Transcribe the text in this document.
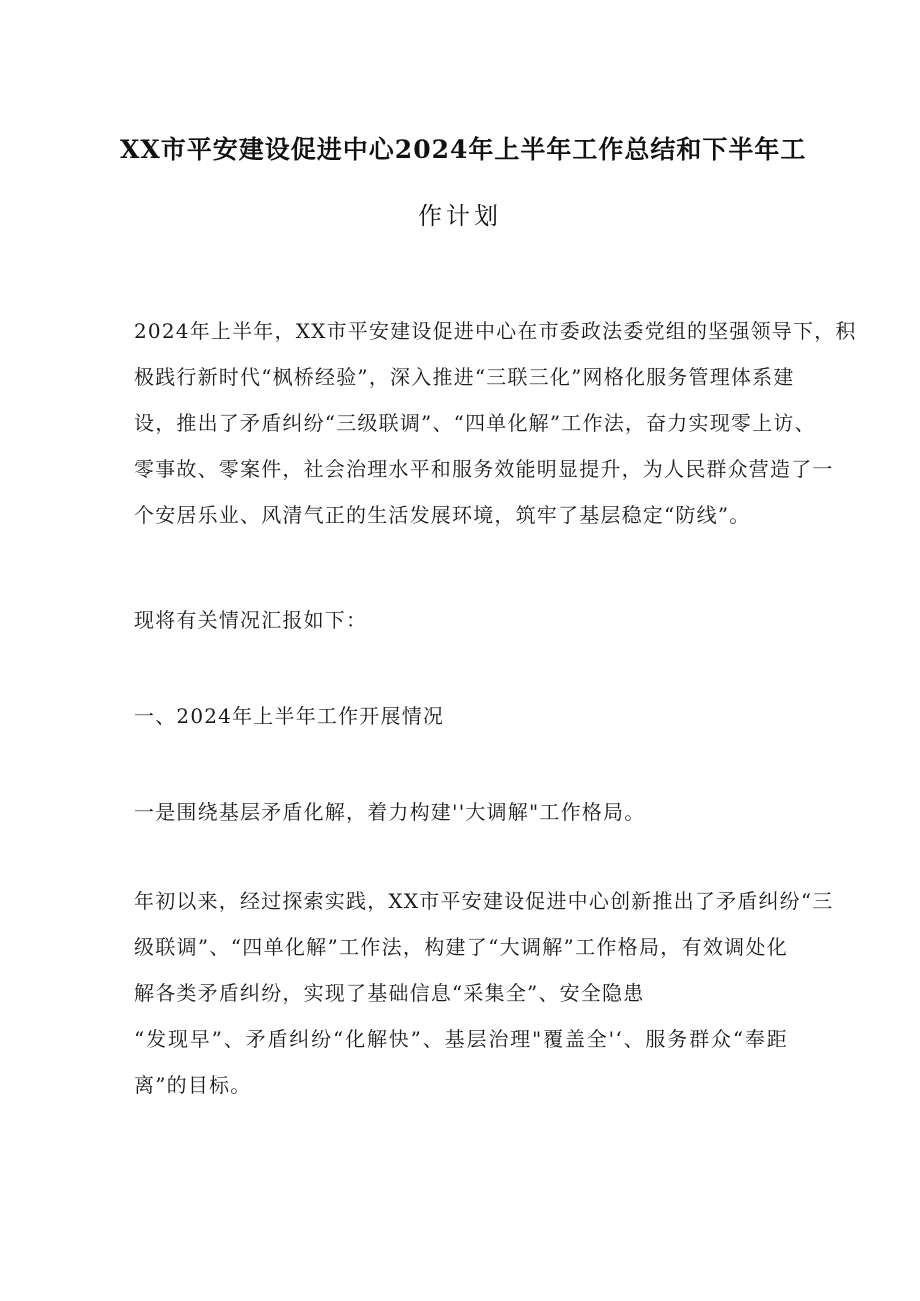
XX市平安建设促进中心2024年上半年工作总结和下半年工
作计划
2024年上半年，XX市平安建设促进中心在市委政法委党组的坚强领导下，积
极践行新时代“枫桥经验”，深入推进“三联三化”网格化服务管理体系建
设，推出了矛盾纠纷“三级联调”、“四单化解”工作法，奋力实现零上访、
零事故、零案件，社会治理水平和服务效能明显提升，为人民群众营造了一
个安居乐业、风清气正的生活发展环境，筑牢了基层稳定“防线”。
现将有关情况汇报如下：
一、2024年上半年工作开展情况
一是围绕基层矛盾化解，着力构建''大调解"工作格局。
年初以来，经过探索实践，XX市平安建设促进中心创新推出了矛盾纠纷“三
级联调”、“四单化解”工作法，构建了“大调解”工作格局，有效调处化
解各类矛盾纠纷，实现了基础信息“采集全”、安全隐患
“发现早”、矛盾纠纷“化解快”、基层治理"覆盖全'‘、服务群众“奉距
离”的目标。
